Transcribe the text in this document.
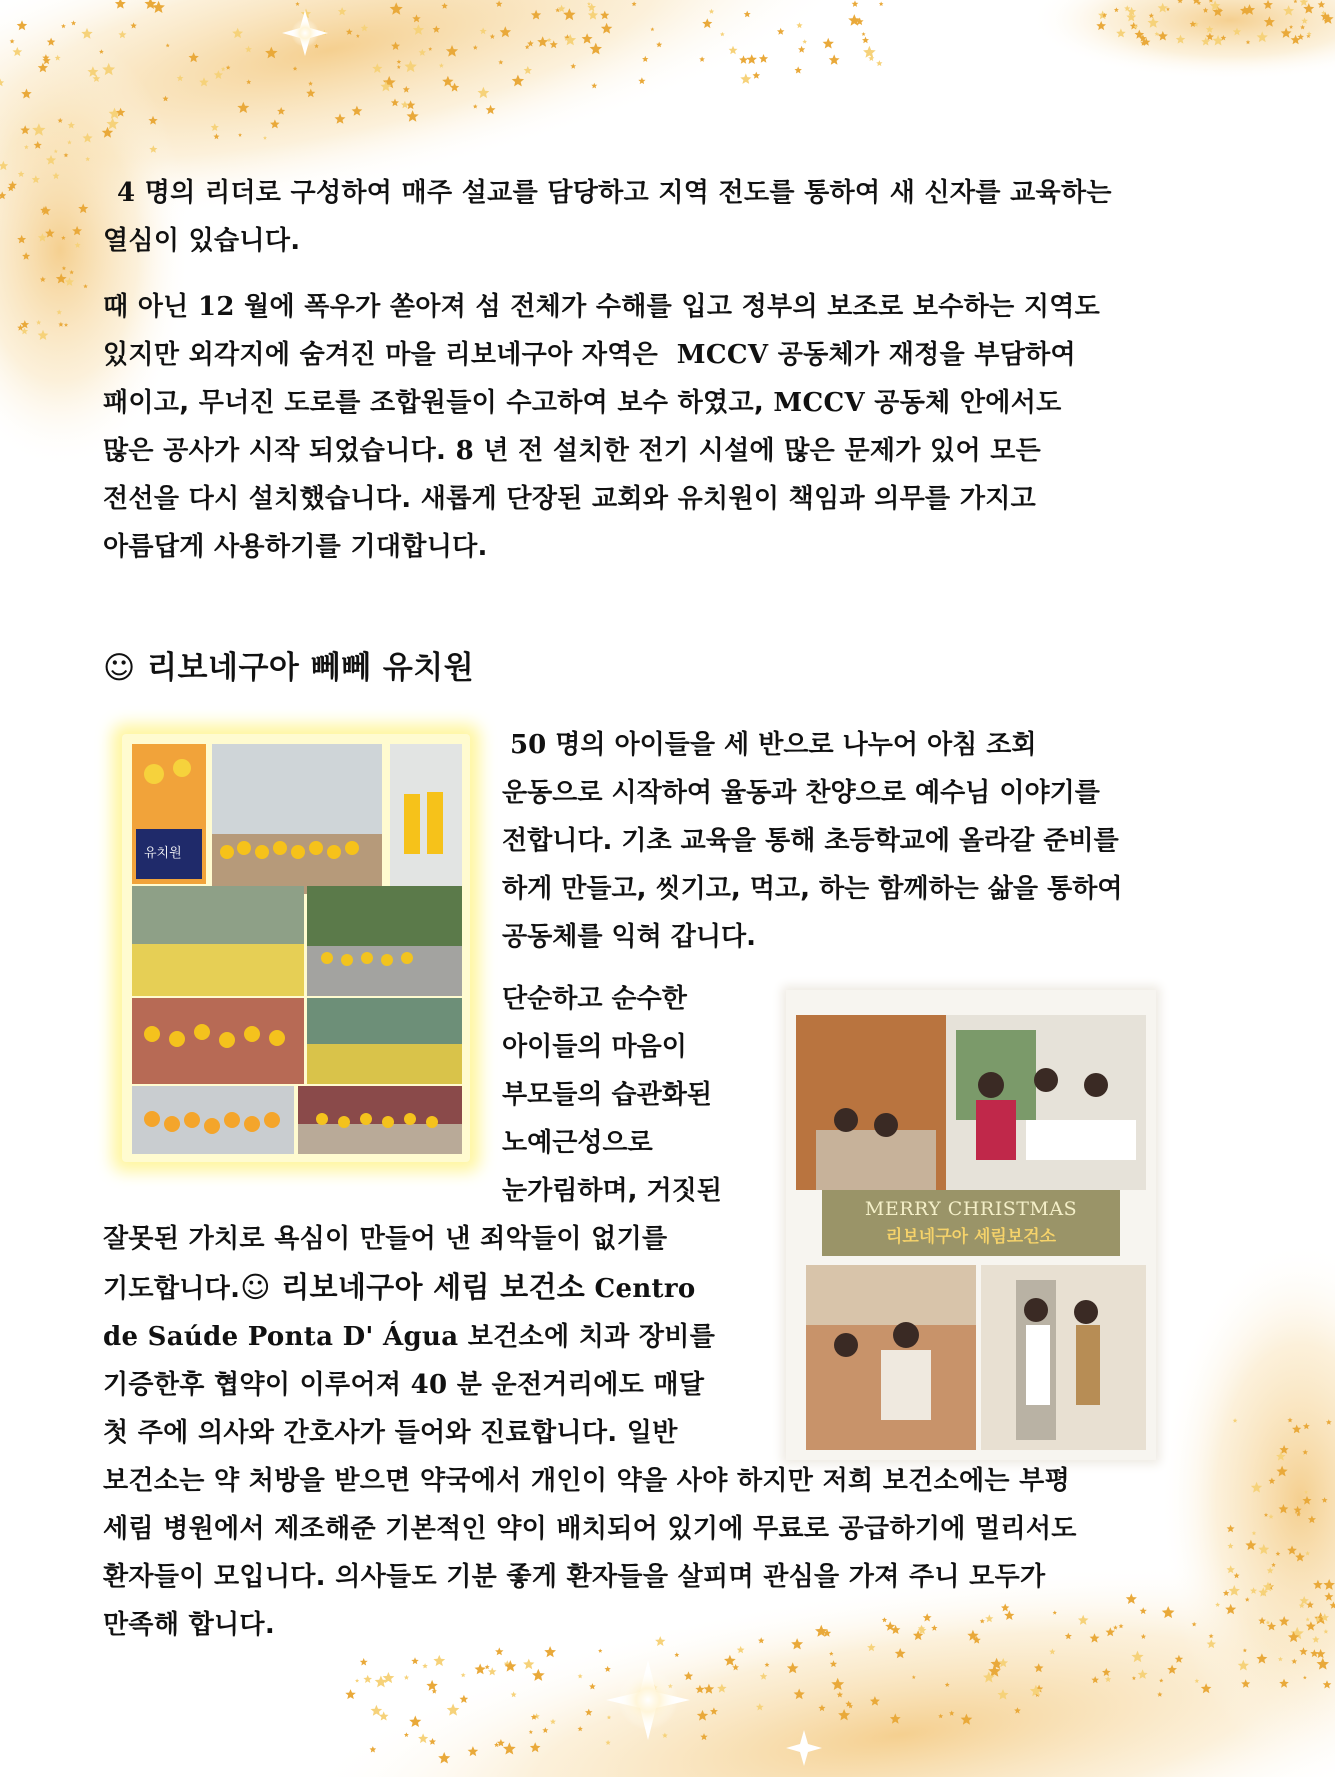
4 명의 리더로 구성하여 매주 설교를 담당하고 지역 전도를 통하여 새 신자를 교육하는
열심이 있습니다.
때 아닌 12 월에 폭우가 쏟아져 섬 전체가 수해를 입고 정부의 보조로 보수하는 지역도
있지만 외각지에 숨겨진 마을 리보네구아 자역은  MCCV 공동체가 재정을 부담하여
패이고, 무너진 도로를 조합원들이 수고하여 보수 하였고, MCCV 공동체 안에서도
많은 공사가 시작 되었습니다. 8 년 전 설치한 전기 시설에 많은 문제가 있어 모든
전선을 다시 설치했습니다. 새롭게 단장된 교회와 유치원이 책임과 의무를 가지고
아름답게 사용하기를 기대합니다.
☺ 리보네구아 뻬뻬 유치원
유치원
50 명의 아이들을 세 반으로 나누어 아침 조회
운동으로 시작하여 율동과 찬양으로 예수님 이야기를
전합니다. 기초 교육을 통해 초등학교에 올라갈 준비를
하게 만들고, 씻기고, 먹고, 하는 함께하는 삶을 통하여
공동체를 익혀 갑니다.
단순하고 순수한
아이들의 마음이
부모들의 습관화된
노예근성으로
눈가림하며, 거짓된
MERRY CHRISTMAS
리보네구아 세림보건소
잘못된 가치로 욕심이 만들어 낸 죄악들이 없기를
기도합니다.☺ 리보네구아 세림 보건소 Centro
de Saúde Ponta D' Água 보건소에 치과 장비를
기증한후 협약이 이루어져 40 분 운전거리에도 매달
첫 주에 의사와 간호사가 들어와 진료합니다. 일반
보건소는 약 처방을 받으면 약국에서 개인이 약을 사야 하지만 저희 보건소에는 부평
세림 병원에서 제조해준 기본적인 약이 배치되어 있기에 무료로 공급하기에 멀리서도
환자들이 모입니다. 의사들도 기분 좋게 환자들을 살피며 관심을 가져 주니 모두가
만족해 합니다.
